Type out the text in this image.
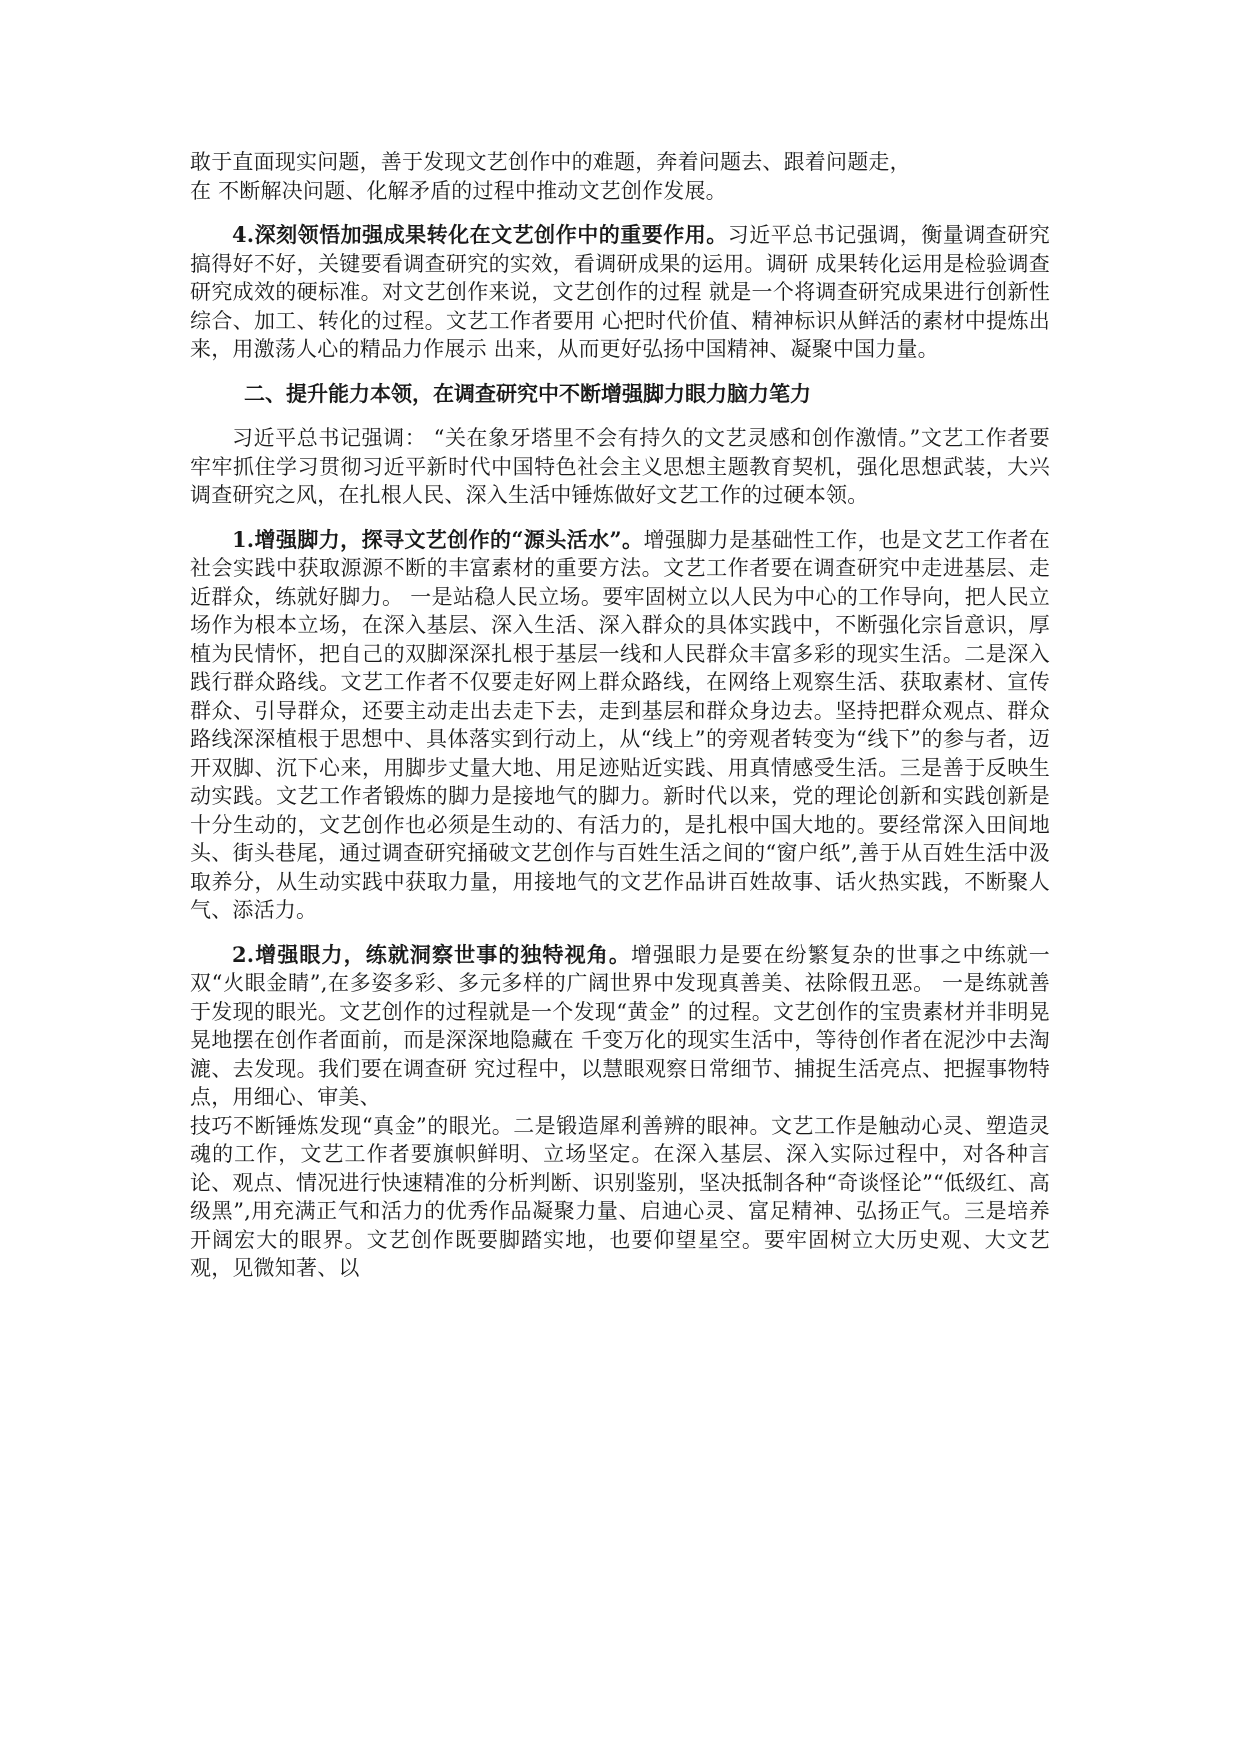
敢于直面现实问题，善于发现文艺创作中的难题，奔着问题去、跟着问题走，
在 不断解决问题、化解矛盾的过程中推动文艺创作发展。

4.深刻领悟加强成果转化在文艺创作中的重要作用。习近平总书记强调，衡量调查研究搞得好不好，关键要看调查研究的实效，看调研成果的运用。调研 成果转化运用是检验调查研究成效的硬标准。对文艺创作来说，文艺创作的过程 就是一个将调查研究成果进行创新性综合、加工、转化的过程。文艺工作者要用 心把时代价值、精神标识从鲜活的素材中提炼出来，用激荡人心的精品力作展示 出来，从而更好弘扬中国精神、凝聚中国力量。

二、提升能力本领，在调查研究中不断增强脚力眼力脑力笔力

习近平总书记强调： “关在象牙塔里不会有持久的文艺灵感和创作激情。”文艺工作者要牢牢抓住学习贯彻习近平新时代中国特色社会主义思想主题教育契机，强化思想武装，大兴调查研究之风，在扎根人民、深入生活中锤炼做好文艺工作的过硬本领。

1.增强脚力，探寻文艺创作的“源头活水”。增强脚力是基础性工作，也是文艺工作者在社会实践中获取源源不断的丰富素材的重要方法。文艺工作者要在调查研究中走进基层、走近群众，练就好脚力。 一是站稳人民立场。要牢固树立以人民为中心的工作导向，把人民立场作为根本立场，在深入基层、深入生活、深入群众的具体实践中，不断强化宗旨意识，厚植为民情怀，把自己的双脚深深扎根于基层一线和人民群众丰富多彩的现实生活。二是深入践行群众路线。文艺工作者不仅要走好网上群众路线，在网络上观察生活、获取素材、宣传群众、引导群众，还要主动走出去走下去，走到基层和群众身边去。坚持把群众观点、群众路线深深植根于思想中、具体落实到行动上，从“线上”的旁观者转变为“线下”的参与者，迈开双脚、沉下心来，用脚步丈量大地、用足迹贴近实践、用真情感受生活。三是善于反映生动实践。文艺工作者锻炼的脚力是接地气的脚力。新时代以来，党的理论创新和实践创新是十分生动的，文艺创作也必须是生动的、有活力的，是扎根中国大地的。要经常深入田间地头、街头巷尾，通过调查研究捅破文艺创作与百姓生活之间的“窗户纸”,善于从百姓生活中汲取养分，从生动实践中获取力量，用接地气的文艺作品讲百姓故事、话火热实践，不断聚人气、添活力。

2.增强眼力，练就洞察世事的独特视角。增强眼力是要在纷繁复杂的世事之中练就一双“火眼金睛”,在多姿多彩、多元多样的广阔世界中发现真善美、祛除假丑恶。 一是练就善于发现的眼光。文艺创作的过程就是一个发现“黄金” 的过程。文艺创作的宝贵素材并非明晃晃地摆在创作者面前，而是深深地隐藏在 千变万化的现实生活中，等待创作者在泥沙中去淘漉、去发现。我们要在调查研 究过程中，以慧眼观察日常细节、捕捉生活亮点、把握事物特点，用细心、审美、

技巧不断锤炼发现“真金”的眼光。二是锻造犀利善辨的眼神。文艺工作是触动心灵、塑造灵魂的工作，文艺工作者要旗帜鲜明、立场坚定。在深入基层、深入实际过程中，对各种言论、观点、情况进行快速精准的分析判断、识别鉴别，坚决抵制各种“奇谈怪论”“低级红、高级黑”,用充满正气和活力的优秀作品凝聚力量、启迪心灵、富足精神、弘扬正气。三是培养开阔宏大的眼界。文艺创作既要脚踏实地，也要仰望星空。要牢固树立大历史观、大文艺观，见微知著、以
